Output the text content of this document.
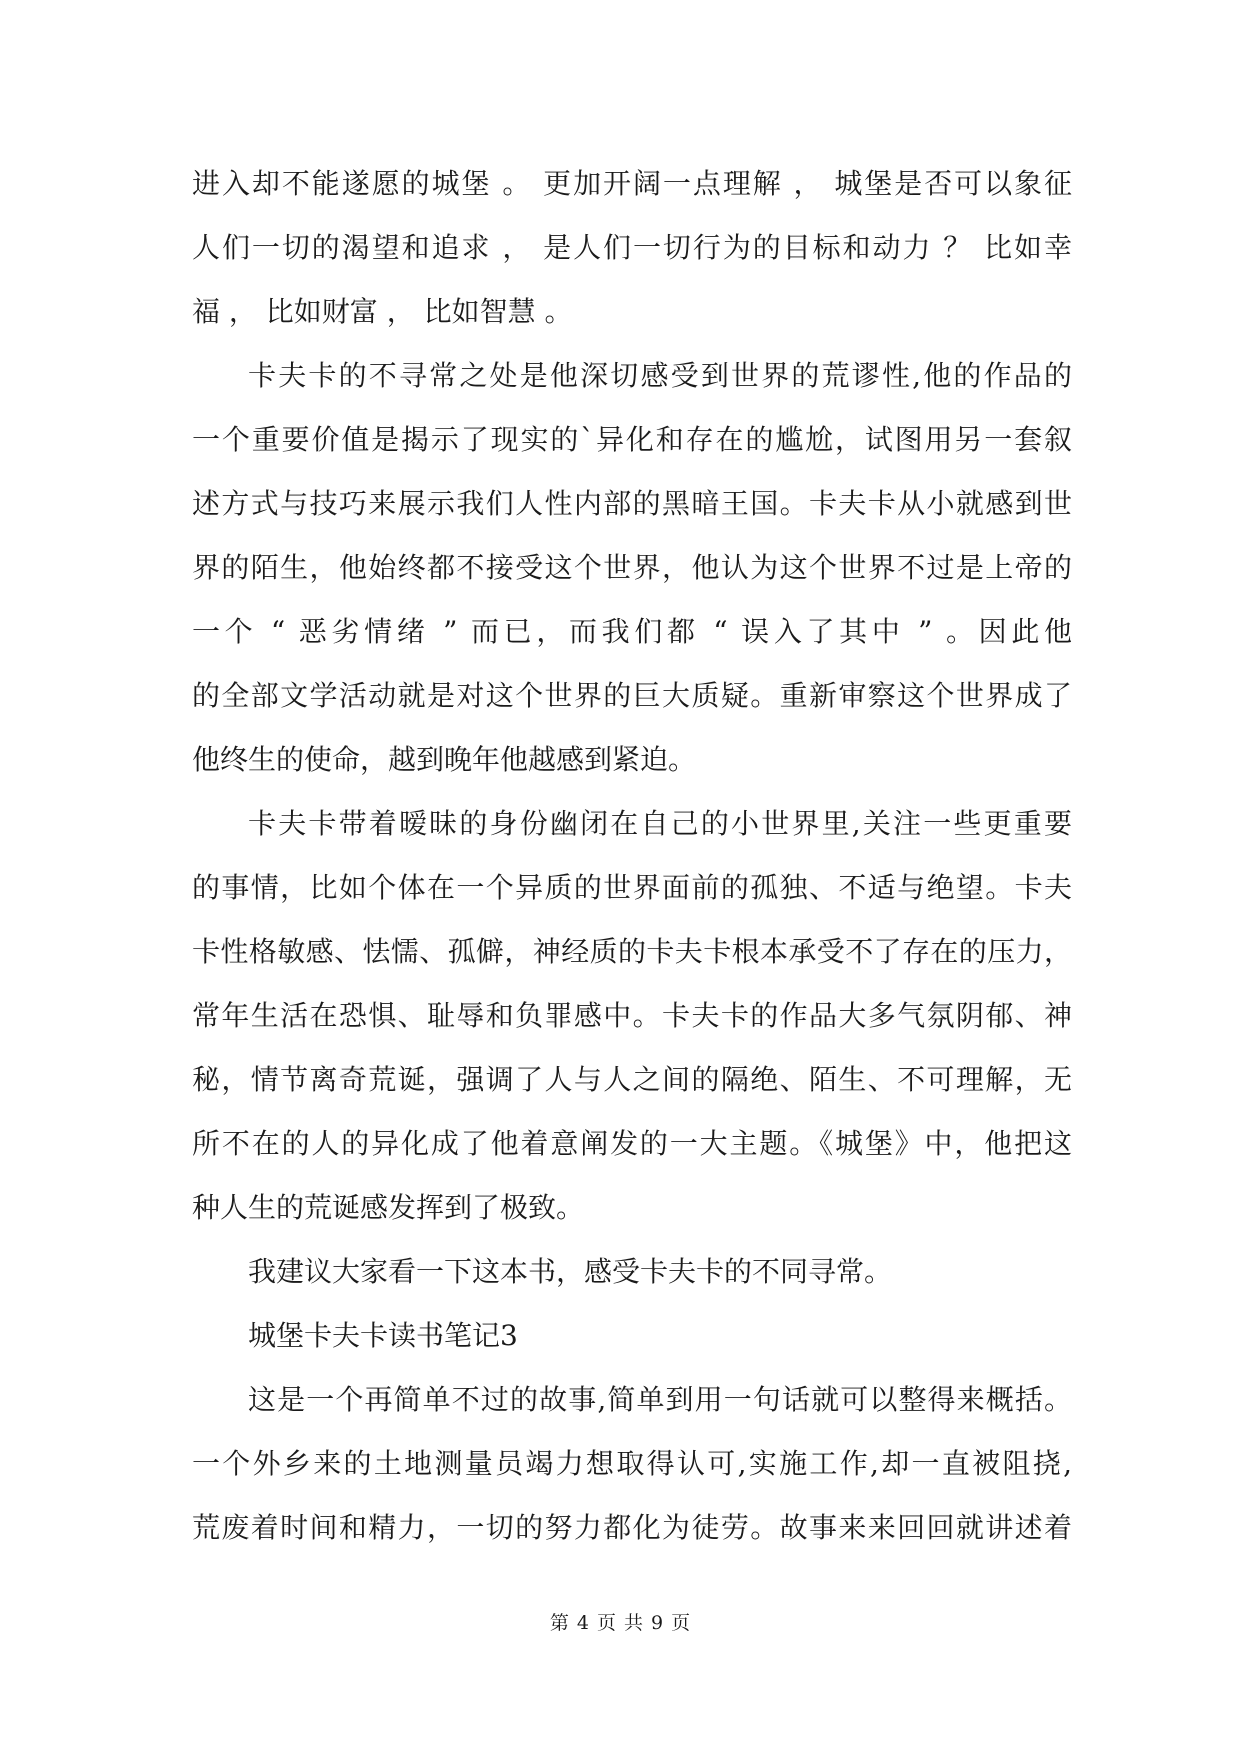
进入却不能遂愿的城堡 。 更加开阔一点理解 ， 城堡是否可以象征
人们一切的渴望和追求 ， 是人们一切行为的目标和动力 ？ 比如幸
福 ， 比如财富 ， 比如智慧 。
卡夫卡的不寻常之处是他深切感受到世界的荒谬性,他的作品的
一个重要价值是揭示了现实的`异化和存在的尴尬，试图用另一套叙
述方式与技巧来展示我们人性内部的黑暗王国。卡夫卡从小就感到世
界的陌生，他始终都不接受这个世界，他认为这个世界不过是上帝的
一个 “ 恶劣情绪 ” 而已，而我们都 “ 误入了其中 ” 。因此他
的全部文学活动就是对这个世界的巨大质疑。重新审察这个世界成了
他终生的使命，越到晚年他越感到紧迫。
卡夫卡带着暧昧的身份幽闭在自己的小世界里,关注一些更重要
的事情，比如个体在一个异质的世界面前的孤独、不适与绝望。卡夫
卡性格敏感、怯懦、孤僻，神经质的卡夫卡根本承受不了存在的压力，
常年生活在恐惧、耻辱和负罪感中。卡夫卡的作品大多气氛阴郁、神
秘，情节离奇荒诞，强调了人与人之间的隔绝、陌生、不可理解，无
所不在的人的异化成了他着意阐发的一大主题。《城堡》中，他把这
种人生的荒诞感发挥到了极致。
我建议大家看一下这本书，感受卡夫卡的不同寻常。
城堡卡夫卡读书笔记3
这是一个再简单不过的故事,简单到用一句话就可以整得来概括。
一个外乡来的土地测量员竭力想取得认可,实施工作,却一直被阻挠,
荒废着时间和精力，一切的努力都化为徒劳。故事来来回回就讲述着
第 4 页 共 9 页
